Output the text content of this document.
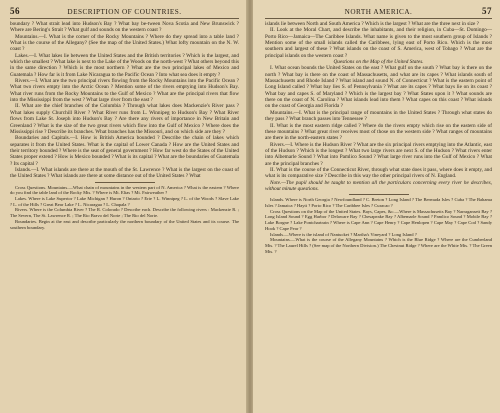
56	DESCRIPTION OF COUNTRIES.

boundary ? What strait lead into Hudson's Bay ? What bay be-tween Nova Scotia and New Brunswick ? Where are Bering's Strait ? What gulf and sounds on the western coast ?

Mountains.—I. What is the corner of the Rocky Mountains ? Where do they spread into a table land ? What is the course of the Allegany? (See the map of the United States.) What lofty mountain on the N. W. coast ?

Lakes.—I. What lakes lie between the United States and the British territories ? Which is the largest, and which the smallest ? What lake is next to the Lake of the Woods on the north-west ? What others beyond this in the same direction ? Which is the most northern ? What are the two principal lakes of Mexico and Guatemala ? How far is it from Lake Nicaragua to the Pacific Ocean ? Into what sea does it empty ?

Rivers.—I. What are the two principal rivers flowing from the Rocky Mountains into the Pacific Ocean ? What two rivers empty into the Arctic Ocean ? Mention some of the rivers emptying into Hudson's Bay. What river runs from the Rocky Mountains to the Gulf of Mexico ? What are the principal rivers that flow into the Mississippi from the west ? What large river from the east ?

II. What are the chief branches of the Columbia ? Through what lakes does Mackenzie's River pass ? What lakes supply Churchill River ? What River runs from L. Winnipeg to Hudson's Bay ? What River flows from Lake St. Joseph into Hudson's Bay ? Are there any rivers of importance in New Britain and Greenland ? What is the size of the two great rivers which flow into the Gulf of Mexico ? Where does the Mississippi rise ? Describe its branches. What branches has the Missouri, and on which side are they ?

Boundaries and Capitals.—I. How is British America bounded ? Describe the chain of lakes which separates it from the United States. What is the capital of Lower Canada ? How are the United States and their territory bounded ? Where is the seat of general government ? How far west do the States of the United States proper extend ? How is Mexico bounded ? What is its capital ? What are the boundaries of Guatemala ? Its capital ?

Islands.—I. What islands are there at the mouth of the St. Lawrence ? What is the largest on the coast of the United States ? What islands are there at some distance out of the United States ? What

Cross Questions. Mountains.—What chain of mountains in the western part of N. America ? What is the eastern ? Where do you find the table land of the Rocky Mts. ? Where is Mt. Elias ? Mt. Fairweather ?

Lakes. Where is Lake Superior ? Lake Michigan ? Huron ? Ontario ? Erie ? L. Winnipeg ? L. of the Woods ? Slave Lake ? L. of the Hills ? Great Bear Lake ? L. Nicaragua ? L. Chapala ?

Rivers. Where is the Columbia River ? The R. Colorado ? Describe each. Describe the following rivers : Mackenzie R. ; The Severn, The St. Lawrence R. ; The Rio Bravo del Norte ; The Rio del Norte.

Boundaries. Begin at the east and describe particularly the northern boundary of the United States and its course. The southern boundary.

NORTH AMERICA.	57

islands lie between North and South America ? Which is the largest ? What are the three next in size ?

II. Look at the Moral Chart, and describe the inhabitants, and their religion, in Cuba—St. Domingo—Porto Rico—Jamaica—The Caribbee Islands. What name is given to the most southern group of Islands ? Mention some of the small islands called the Caribbees, lying east of Porto Rico. Which is the most southern and largest of these ? What islands on the coast of S. America, west of Tobago ? What are the principal islands on the western coast ?

Questions on the Map of the United States.

I. What ocean bounds the United States on the east ? What gulf on the south ? What bay is there on the north ? What bay is there on the coast of Massachusetts, and what are its capes ? What islands south of Massachusetts and Rhode Island ? What island and sound N. of Connecticut ? What is the eastern point of Long Island called ? What bay lies S. of Pennsylvania ? What are its capes ? What bays lie on its coast ? What bay and capes S. of Maryland ? Which is the largest bay ? What States upon it ? What sounds are there on the coast of N. Carolina ? What islands lead into them ? What capes on this coast ? What islands on the coast of Georgia and Florida ?

Mountains.—I. What is the principal range of mountains in the United States ? Through what states do they pass ? What branch passes into Tennessee ?

II. What is the most eastern ridge called ? Where do the rivers empty which rise on the eastern side of these mountains ? What great river receives most of those on the western side ? What ranges of mountains are there in the north-eastern states ?

Rivers.—I. Where is the Hudson River ? What are the six principal rivers emptying into the Atlantic, east of the Hudson ? Which is the longest ? What two large rivers are next S. of the Hudson ? What rivers enter into Albemarle Sound ? What into Pamlico Sound ? What large river runs into the Gulf of Mexico ? What are the principal branches ?

II. What is the course of the Connecticut River, through what state does it pass, where does it empty, and what is its comparative size ? Describe in this way the other principal rivers of N. England.

Note.—The pupil should be taught to mention all the particulars concerning every river he describes, without minute questions.

Islands. Where is North Georgia ? Newfoundland ? C. Breton ? Long Island ? The Bermuda Isles ? Cuba ? The Bahama Isles ? Jamaica ? Hayti ? Porto Rico ? The Caribbee Isles ? Curacao ?

Cross Questions on the Map of the United States. Bays, Capes, &c.—Where is Massachusetts Bay ? Narragansett Bay ? Long Island Sound ? Egg Harbor ? Delaware Bay ? Chesapeake Bay ? Albemarle Sound ? Pamlico Sound ? Mobile Bay ? Lake Borgne ? Lake Pontchartrain ? Where is Cape Ann ? Cape Henry ? Cape Henlopen ? Cape May ? Cape Cod ? Sandy Hook ? Cape Fear ?

Islands.—Where is the island of Nantucket ? Martha's Vineyard ? Long Island ?

Mountains.—What is the course of the Allegany Mountains ? Which is the Blue Ridge ? Where are the Cumberland Mts. ? The Laurel Hills ? (See map of the Northern Division.) The Chestnut Ridge ? Where are the White Mts. ? The Green Mts. ?
